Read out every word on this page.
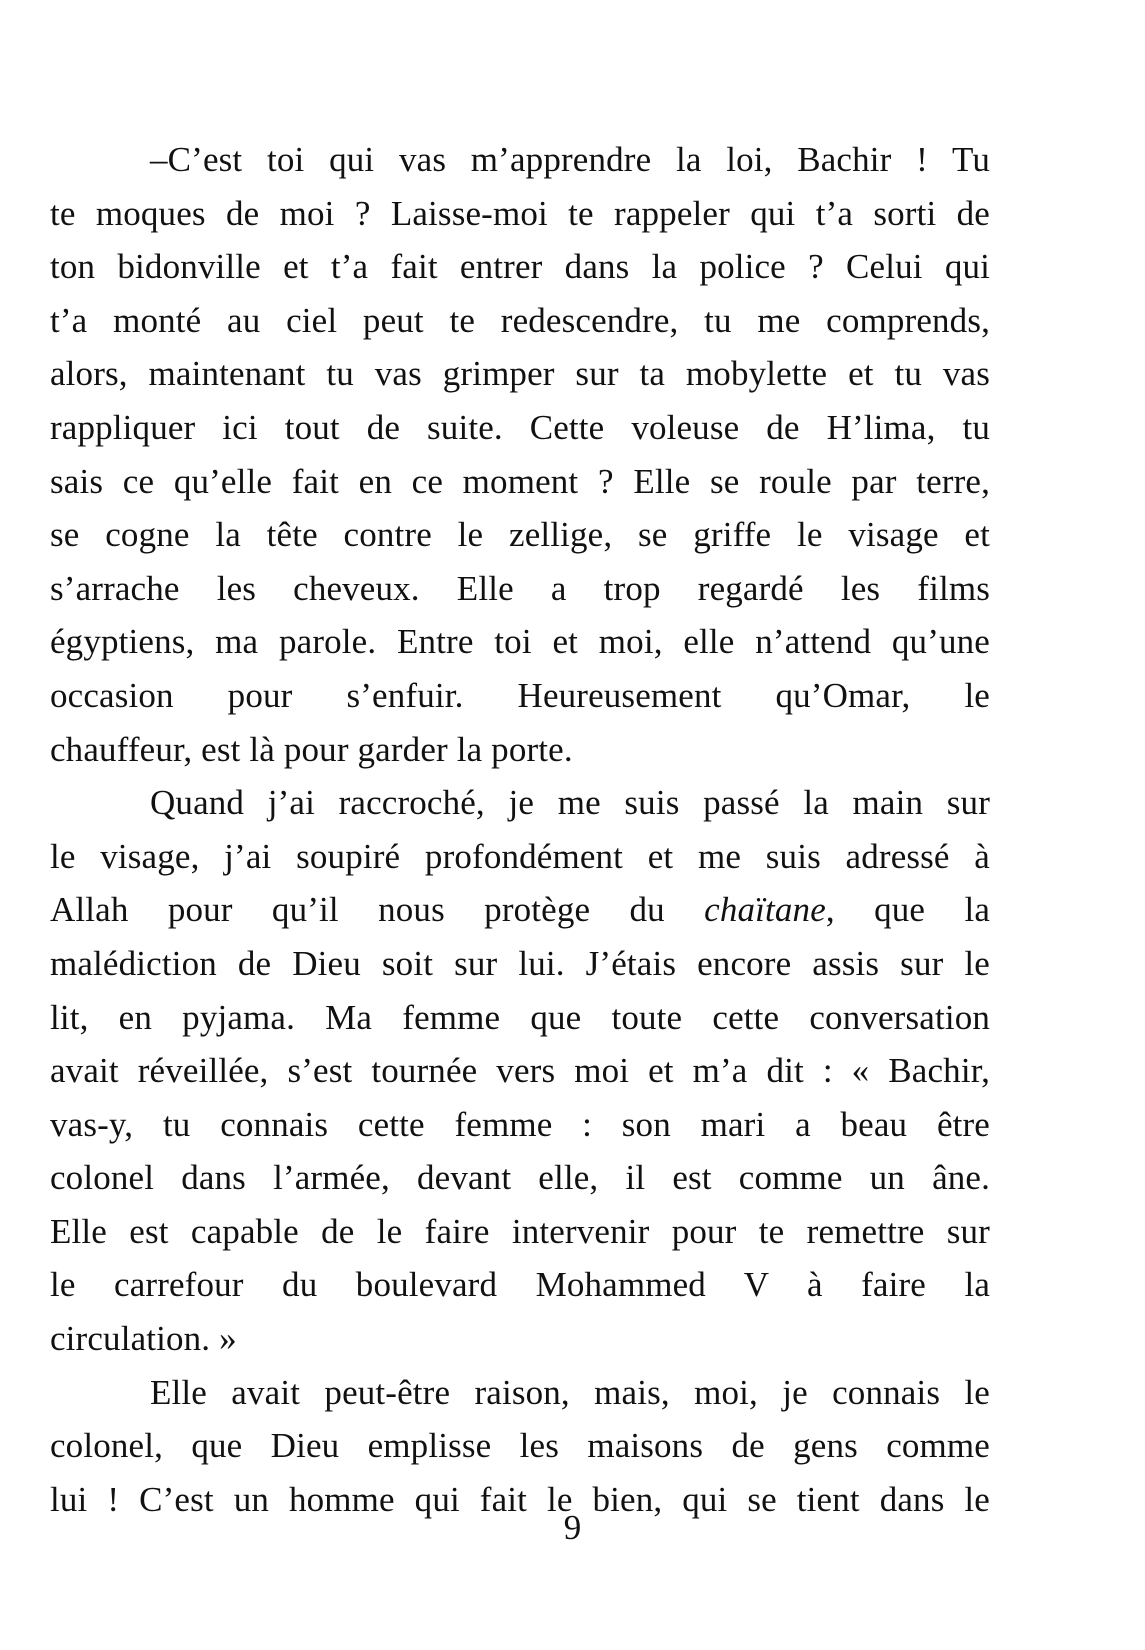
–C’est toi qui vas m’apprendre la loi, Bachir ! Tu
te moques de moi ? Laisse-moi te rappeler qui t’a sorti de
ton bidonville et t’a fait entrer dans la police ? Celui qui
t’a monté au ciel peut te redescendre, tu me comprends,
alors, maintenant tu vas grimper sur ta mobylette et tu vas
rappliquer ici tout de suite. Cette voleuse de H’lima, tu
sais ce qu’elle fait en ce moment ? Elle se roule par terre,
se cogne la tête contre le zellige, se griffe le visage et
s’arrache les cheveux. Elle a trop regardé les films
égyptiens, ma parole. Entre toi et moi, elle n’attend qu’une
occasion pour s’enfuir. Heureusement qu’Omar, le
chauffeur, est là pour garder la porte.
Quand j’ai raccroché, je me suis passé la main sur
le visage, j’ai soupiré profondément et me suis adressé à
Allah pour qu’il nous protège du chaïtane, que la
malédiction de Dieu soit sur lui. J’étais encore assis sur le
lit, en pyjama. Ma femme que toute cette conversation
avait réveillée, s’est tournée vers moi et m’a dit : « Bachir,
vas-y, tu connais cette femme : son mari a beau être
colonel dans l’armée, devant elle, il est comme un âne.
Elle est capable de le faire intervenir pour te remettre sur
le carrefour du boulevard Mohammed V à faire la
circulation. »
Elle avait peut-être raison, mais, moi, je connais le
colonel, que Dieu emplisse les maisons de gens comme
lui ! C’est un homme qui fait le bien, qui se tient dans le
9
